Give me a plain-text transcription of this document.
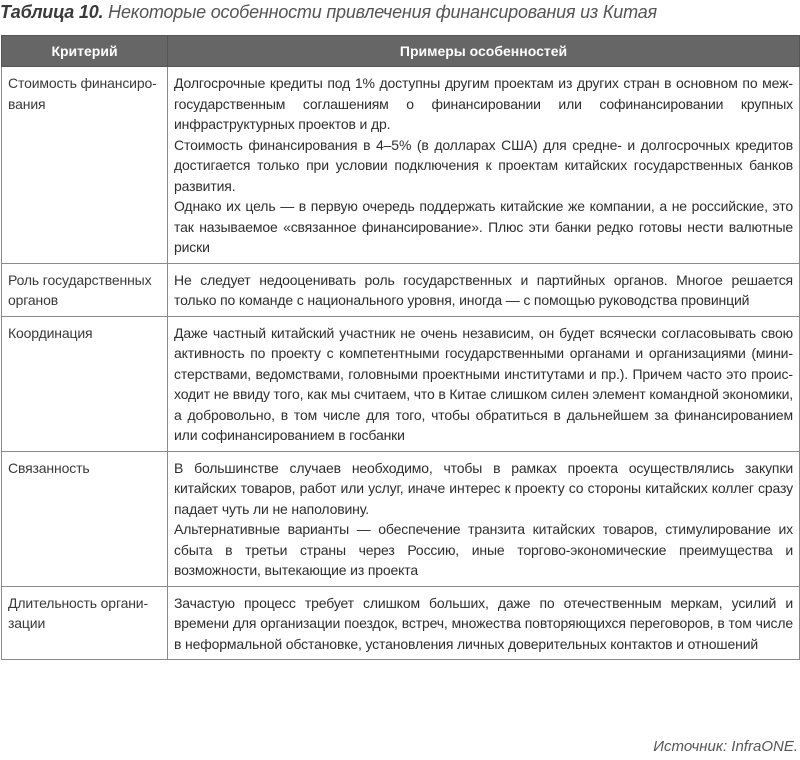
Таблица 10. Некоторые особенности привлечения финансирования из Китая
Критерий	Примеры особенностей
Стоимость финансирования	Долгосрочные кредиты под 1% доступны другим проектам из других стран в основном по межгосударственным соглашениям о финансировании или софинансировании крупных инфраструктурных проектов и др.

Стоимость финансирования в 4–5% (в долларах США) для средне- и долгосрочных кредитов достигается только при условии подключения к проектам китайских государственных банков развития.

Однако их цель — в первую очередь поддержать китайские же компании, а не российские, это так называемое «связанное финансирование». Плюс эти банки редко готовы нести валютные риски

Роль государственных органов	Не следует недооценивать роль государственных и партийных органов. Многое решается только по команде с национального уровня, иногда — с помощью руководства провинций

Координация	Даже частный китайский участник не очень независим, он будет всячески согласовывать свою активность по проекту с компетентными государственными органами и организациями (министерствами, ведомствами, головными проектными институтами и пр.). Причем часто это происходит не ввиду того, как мы считаем, что в Китае слишком силен элемент командной экономики, а добровольно, в том числе для того, чтобы обратиться в дальнейшем за финансированием или софинансированием в госбанки

Связанность	В большинстве случаев необходимо, чтобы в рамках проекта осуществлялись закупки китайских товаров, работ или услуг, иначе интерес к проекту со стороны китайских коллег сразу падает чуть ли не наполовину.

Альтернативные варианты — обеспечение транзита китайских товаров, стимулирование их сбыта в третьи страны через Россию, иные торгово-экономические преимущества и возможности, вытекающие из проекта

Длительность организации	Зачастую процесс требует слишком больших, даже по отечественным меркам, усилий и времени для организации поездок, встреч, множества повторяющихся переговоров, в том числе в неформальной обстановке, установления личных доверительных контактов и отношений

Источник: InfraONE.
